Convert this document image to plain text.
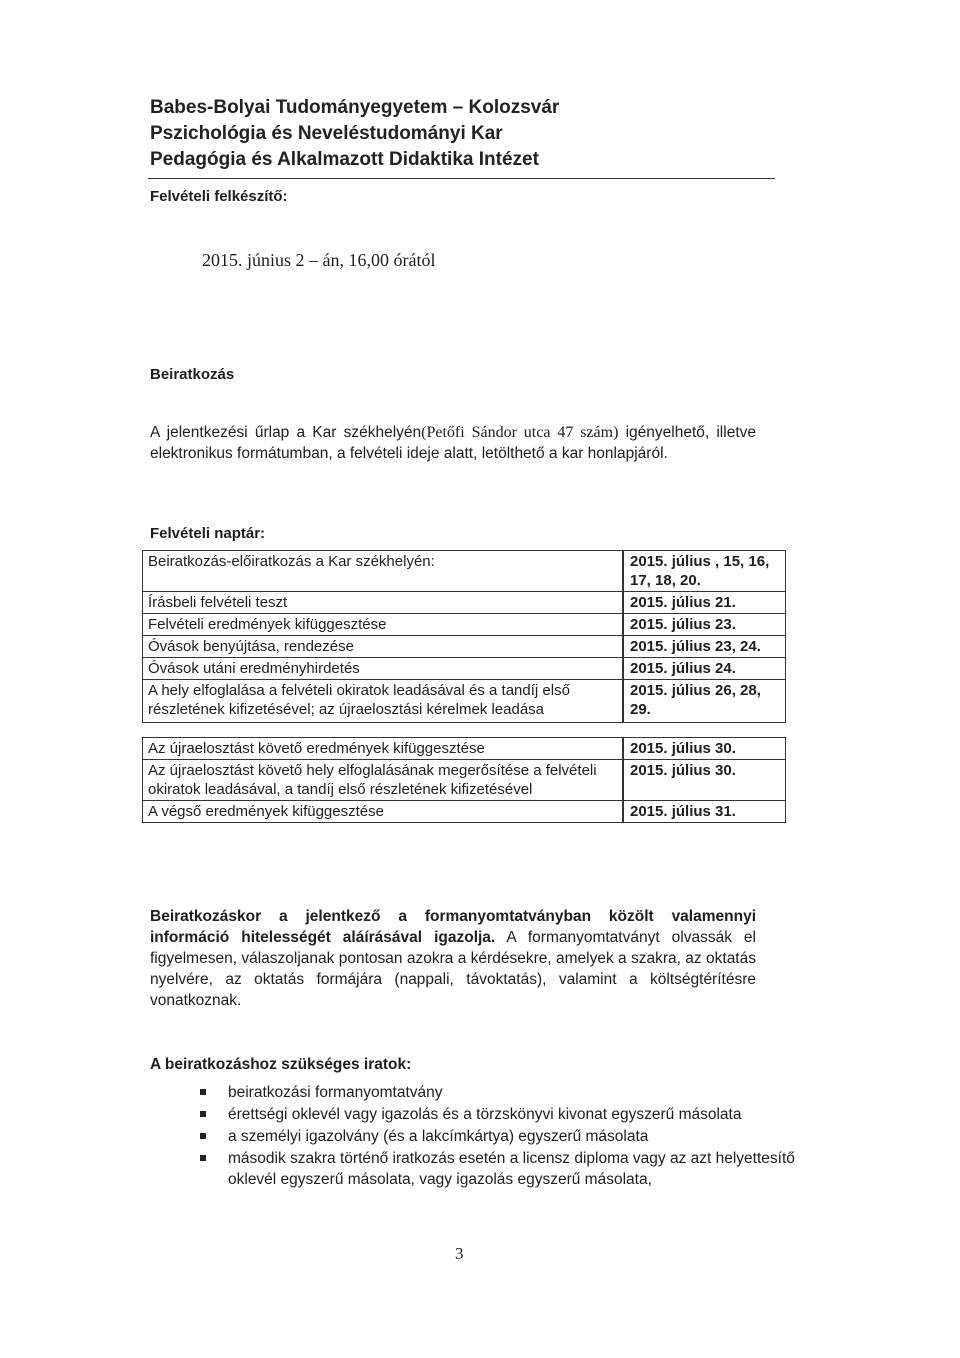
Babes-Bolyai Tudományegyetem – Kolozsvár
Pszichológia és Neveléstudományi Kar
Pedagógia és Alkalmazott Didaktika Intézet
Felvételi felkészítő:
2015. június 2 – án, 16,00 órától
Beiratkozás
A jelentkezési űrlap a Kar székhelyén(Petőfi Sándor utca 47 szám) igényelhető, illetve elektronikus formátumban, a felvételi ideje alatt, letölthető a kar honlapjáról.
Felvételi naptár:
Beiratkozás-előiratkozás a Kar székhelyén:		2015. július , 15, 16, 17, 18, 20.
Írásbeli felvételi teszt		2015. július 21.
Felvételi eredmények kifüggesztése		2015. július 23.
Óvások benyújtása, rendezése		2015. július 23, 24.
Óvások utáni eredményhirdetés		2015. július 24.
A hely elfoglalása a felvételi okiratok leadásával és a tandíj első részletének kifizetésével; az újraelosztási kérelmek leadása		2015. július 26, 28, 29.

Az újraelosztást követő eredmények kifüggesztése		2015. július 30.
Az újraelosztást követő hely elfoglalásának megerősítése a felvételi okiratok leadásával, a tandíj első részletének kifizetésével		2015. július 30.
A végső eredmények kifüggesztése		2015. július 31.
Beiratkozáskor a jelentkező a formanyomtatványban közölt valamennyi információ hitelességét aláírásával igazolja. A formanyomtatványt olvassák el figyelmesen, válaszoljanak pontosan azokra a kérdésekre, amelyek a szakra, az oktatás nyelvére, az oktatás formájára (nappali, távoktatás), valamint a költségtérítésre vonatkoznak.
A beiratkozáshoz szükséges iratok:
beiratkozási formanyomtatvány
érettségi oklevél vagy igazolás és a törzskönyvi kivonat egyszerű másolata
a személyi igazolvány (és a lakcímkártya) egyszerű másolata
második szakra történő iratkozás esetén a licensz diploma vagy az azt helyettesítő oklevél egyszerű másolata, vagy igazolás egyszerű másolata,
3
